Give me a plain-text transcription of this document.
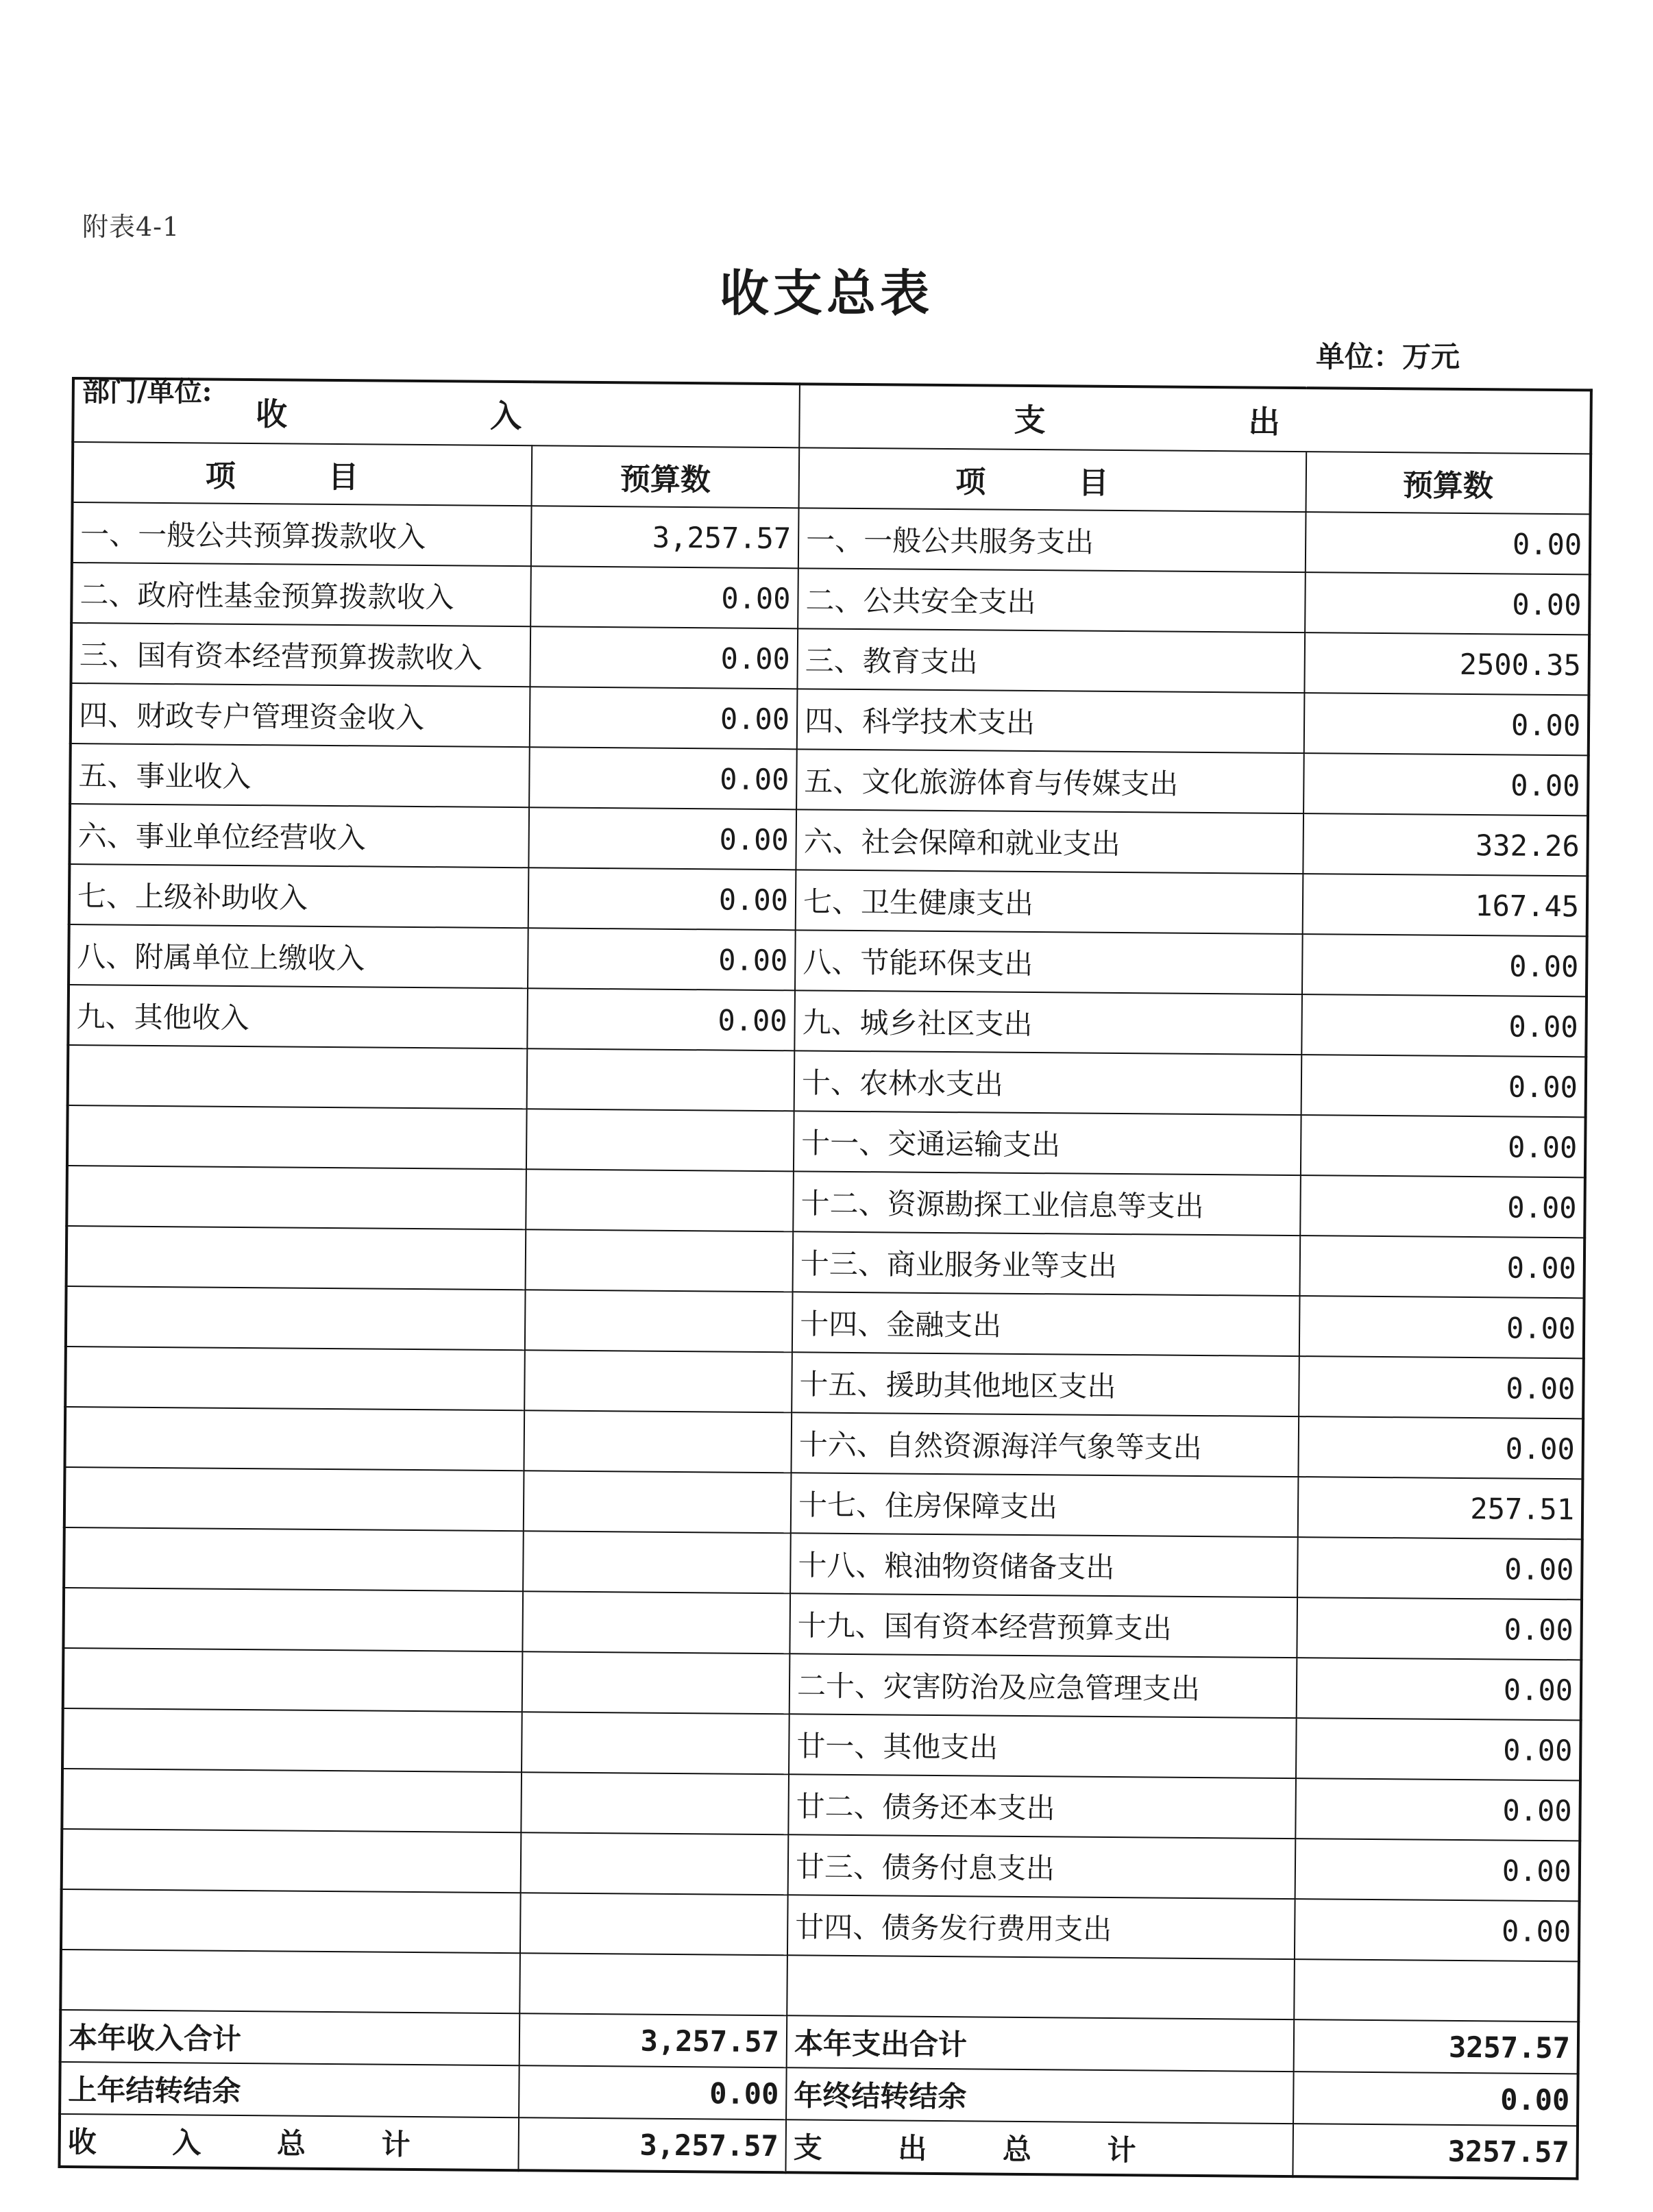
附表4-1
收支总表
单位：万元
部门/单位:
收 入		支 出	
项 目	预算数	项 目	预算数
一、一般公共预算拨款收入	3,257.57	一、一般公共服务支出	0.00
二、政府性基金预算拨款收入	0.00	二、公共安全支出	0.00
三、国有资本经营预算拨款收入	0.00	三、教育支出	2500.35
四、财政专户管理资金收入	0.00	四、科学技术支出	0.00
五、事业收入	0.00	五、文化旅游体育与传媒支出	0.00
六、事业单位经营收入	0.00	六、社会保障和就业支出	332.26
七、上级补助收入	0.00	七、卫生健康支出	167.45
八、附属单位上缴收入	0.00	八、节能环保支出	0.00
九、其他收入	0.00	九、城乡社区支出	0.00
		十、农林水支出	0.00
		十一、交通运输支出	0.00
		十二、资源勘探工业信息等支出	0.00
		十三、商业服务业等支出	0.00
		十四、金融支出	0.00
		十五、援助其他地区支出	0.00
		十六、自然资源海洋气象等支出	0.00
		十七、住房保障支出	257.51
		十八、粮油物资储备支出	0.00
		十九、国有资本经营预算支出	0.00
		二十、灾害防治及应急管理支出	0.00
		廿一、其他支出	0.00
		廿二、债务还本支出	0.00
		廿三、债务付息支出	0.00
		廿四、债务发行费用支出	0.00

本年收入合计	3,257.57	本年支出合计	3257.57
上年结转结余	0.00	年终结转结余	0.00
收 入 总 计	3,257.57	支 出 总 计	3257.57
